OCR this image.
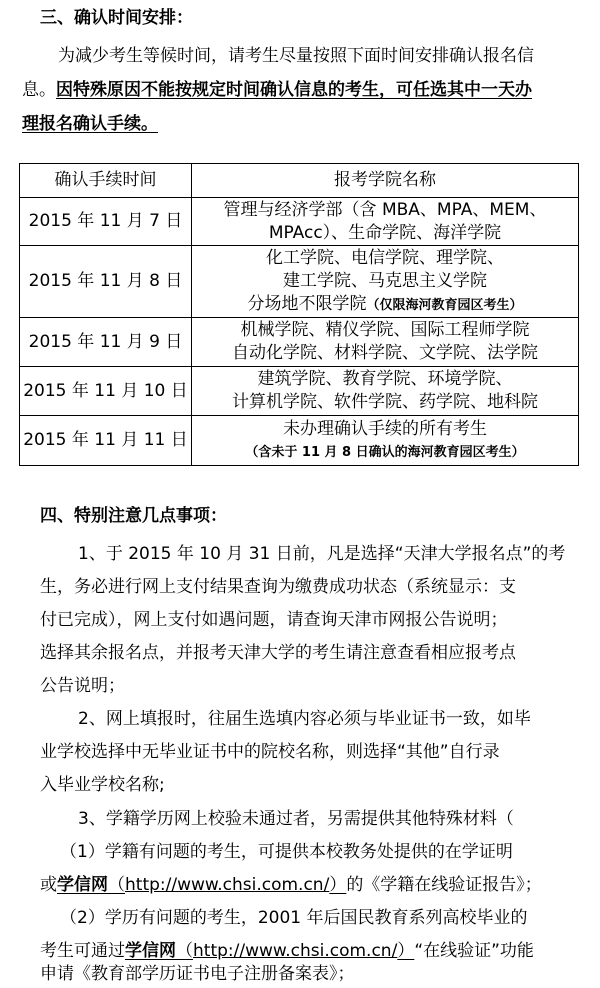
三、确认时间安排：
为减少考生等候时间，请考生尽量按照下面时间安排确认报名信
息。因特殊原因不能按规定时间确认信息的考生，可任选其中一天办
理报名确认手续。
确认手续时间	报考学院名称
2015 年 11 月 7 日	管理与经济学部（含 MBA、MPA、MEM、
MPAcc）、生命学院、海洋学院

2015 年 11 月 8 日	化工学院、电信学院、理学院、
建工学院、马克思主义学院
分场地不限学院（仅限海河教育园区考生）

2015 年 11 月 9 日	机械学院、精仪学院、国际工程师学院
自动化学院、材料学院、文学院、法学院

2015 年 11 月 10 日	建筑学院、教育学院、环境学院、
计算机学院、软件学院、药学院、地科院

2015 年 11 月 11 日	未办理确认手续的所有考生
（含未于 11 月 8 日确认的海河教育园区考生）
四、特别注意几点事项：
1、于 2015 年 10 月 31 日前，凡是选择“天津大学报名点”的考
生，务必进行网上支付结果查询为缴费成功状态（系统显示：支
付已完成），网上支付如遇问题，请查询天津市网报公告说明；
选择其余报名点，并报考天津大学的考生请注意查看相应报考点
公告说明；
2、网上填报时，往届生选填内容必须与毕业证书一致，如毕
业学校选择中无毕业证书中的院校名称，则选择“其他”自行录
入毕业学校名称;
3、学籍学历网上校验未通过者，另需提供其他特殊材料（
（1）学籍有问题的考生，可提供本校教务处提供的在学证明
或学信网（http://www.chsi.com.cn/）的《学籍在线验证报告》；
（2）学历有问题的考生，2001 年后国民教育系列高校毕业的
考生可通过学信网（http://www.chsi.com.cn/）“在线验证”功能
申请《教育部学历证书电子注册备案表》；
